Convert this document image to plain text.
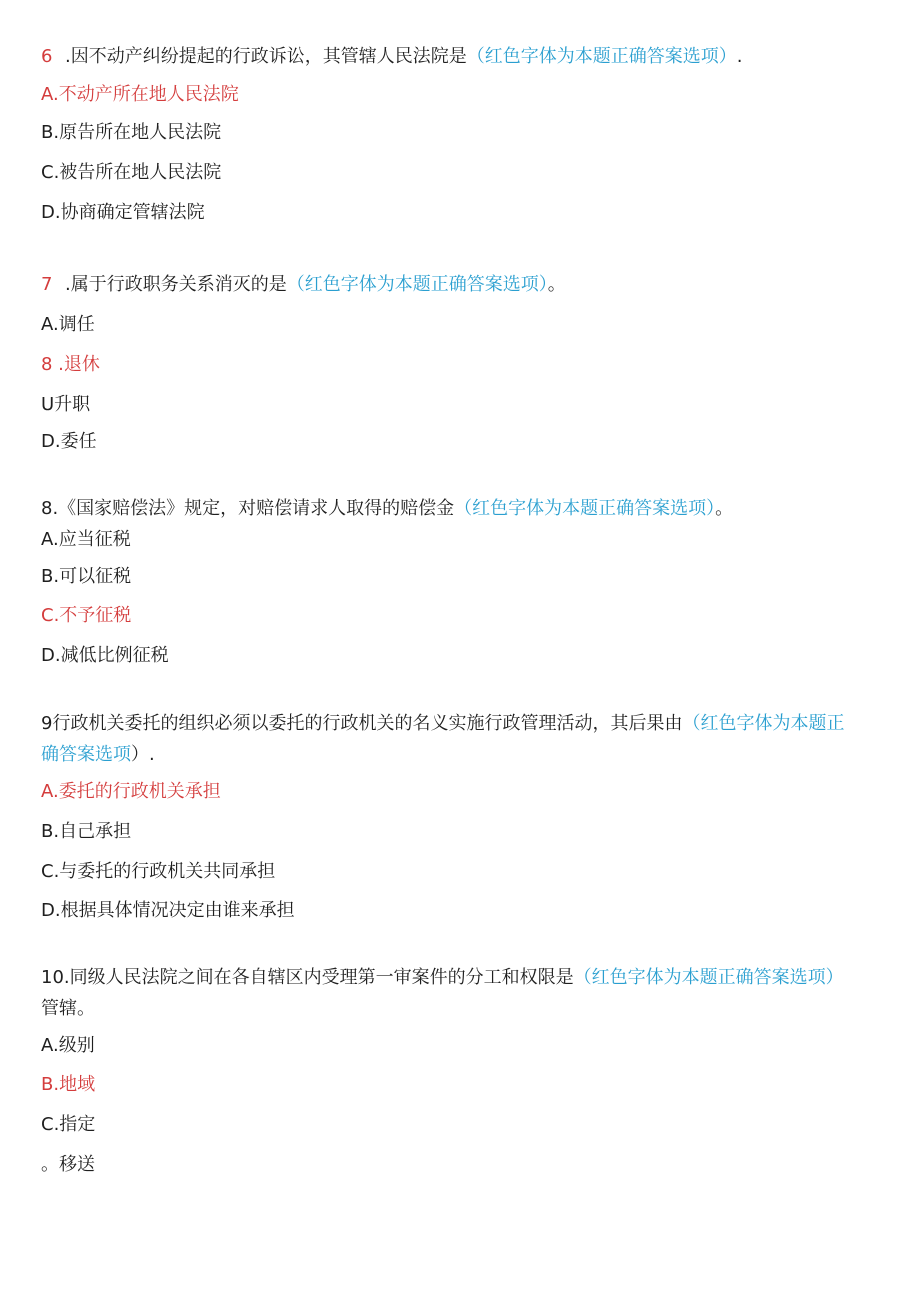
6 .因不动产纠纷提起的行政诉讼，其管辖人民法院是（红色字体为本题正确答案选项）.
A.不动产所在地人民法院
B.原告所在地人民法院
C.被告所在地人民法院
D.协商确定管辖法院
7 .属于行政职务关系消灭的是（红色字体为本题正确答案选项）。
A.调任
8 .退休
U升职
D.委任
8.《国家赔偿法》规定，对赔偿请求人取得的赔偿金（红色字体为本题正确答案选项）。
A.应当征税
B.可以征税
C.不予征税
D.减低比例征税
9行政机关委托的组织必须以委托的行政机关的名义实施行政管理活动，其后果由（红色字体为本题正
确答案选项）.
A.委托的行政机关承担
B.自己承担
C.与委托的行政机关共同承担
D.根据具体情况决定由谁来承担
10.同级人民法院之间在各自辖区内受理第一审案件的分工和权限是（红色字体为本题正确答案选项）
管辖。
A.级别
B.地域
C.指定
。移送
